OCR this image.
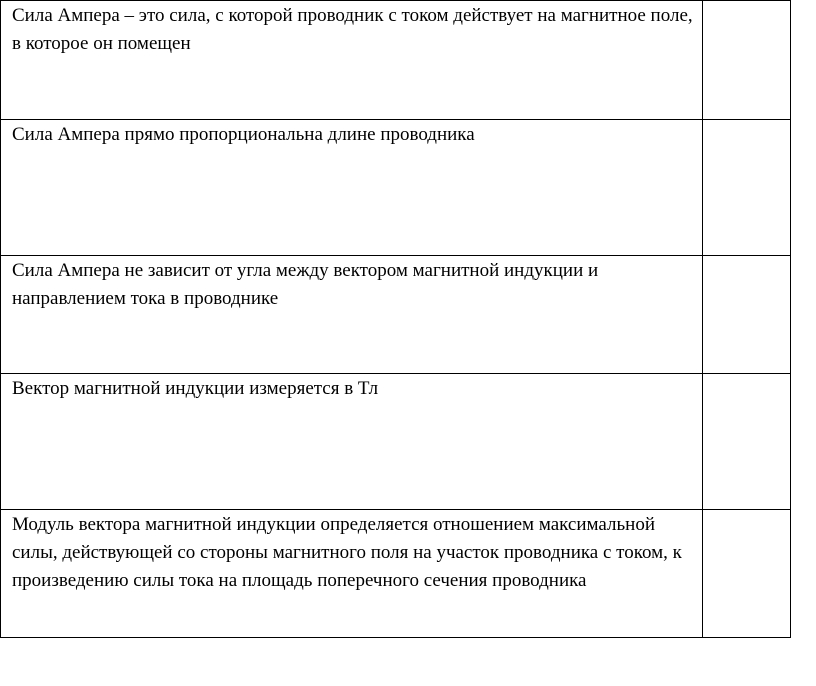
Сила Ампера – это сила, с которой проводник с током действует на магнитное поле, в которое он помещен	

Сила Ампера прямо пропорциональна длине проводника	

Сила Ампера не зависит от угла между вектором магнитной индукции и направлением тока в проводнике	

Вектор магнитной индукции измеряется в Тл	

Модуль вектора магнитной индукции определяется отношением максимальной силы, действующей со стороны магнитного поля на участок проводника с током, к произведению силы тока на площадь поперечного сечения проводника	
